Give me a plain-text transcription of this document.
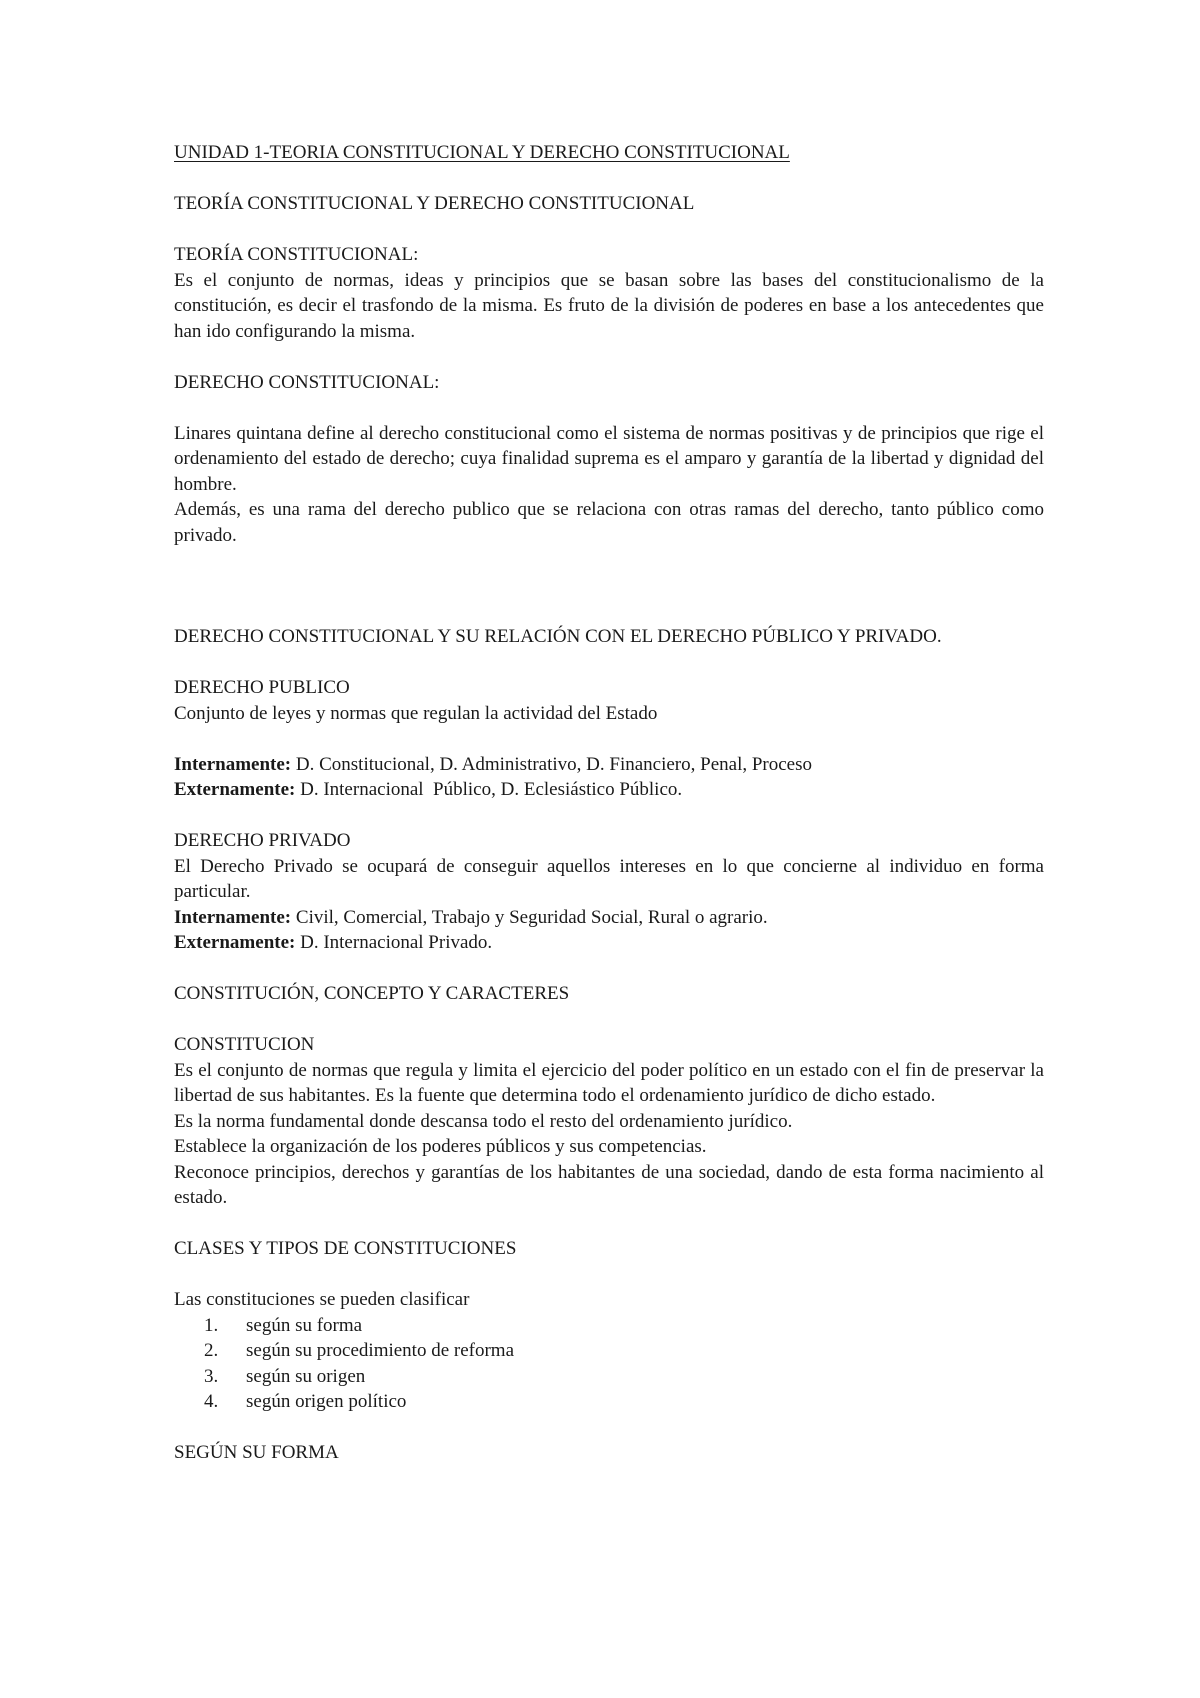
UNIDAD 1-TEORIA CONSTITUCIONAL Y DERECHO CONSTITUCIONAL

TEORÍA CONSTITUCIONAL Y DERECHO CONSTITUCIONAL

TEORÍA CONSTITUCIONAL:

Es el conjunto de normas, ideas y principios que se basan sobre las bases del constitucionalismo de la constitución, es decir el trasfondo de la misma. Es fruto de la división de poderes en base a los antecedentes que han ido configurando la misma.

DERECHO CONSTITUCIONAL:

Linares quintana define al derecho constitucional como el sistema de normas positivas y de principios que rige el ordenamiento del estado de derecho; cuya finalidad suprema es el amparo y garantía de la libertad y dignidad del hombre.

Además, es una rama del derecho publico que se relaciona con otras ramas del derecho, tanto público como privado.

DERECHO CONSTITUCIONAL Y SU RELACIÓN CON EL DERECHO PÚBLICO Y PRIVADO.

DERECHO PUBLICO

Conjunto de leyes y normas que regulan la actividad del Estado

Internamente: D. Constitucional, D. Administrativo, D. Financiero, Penal, Proceso

Externamente: D. Internacional  Público, D. Eclesiástico Público.

DERECHO PRIVADO

El Derecho Privado se ocupará de conseguir aquellos intereses en lo que concierne al individuo en forma particular.

Internamente: Civil, Comercial, Trabajo y Seguridad Social, Rural o agrario.

Externamente: D. Internacional Privado.

CONSTITUCIÓN, CONCEPTO Y CARACTERES

CONSTITUCION

Es el conjunto de normas que regula y limita el ejercicio del poder político en un estado con el fin de preservar la libertad de sus habitantes. Es la fuente que determina todo el ordenamiento jurídico de dicho estado.

Es la norma fundamental donde descansa todo el resto del ordenamiento jurídico.

Establece la organización de los poderes públicos y sus competencias.

Reconoce principios, derechos y garantías de los habitantes de una sociedad, dando de esta forma nacimiento al estado.

CLASES Y TIPOS DE CONSTITUCIONES

Las constituciones se pueden clasificar

1.	según su forma
2.	según su procedimiento de reforma
3.	según su origen
4.	según origen político

SEGÚN SU FORMA
